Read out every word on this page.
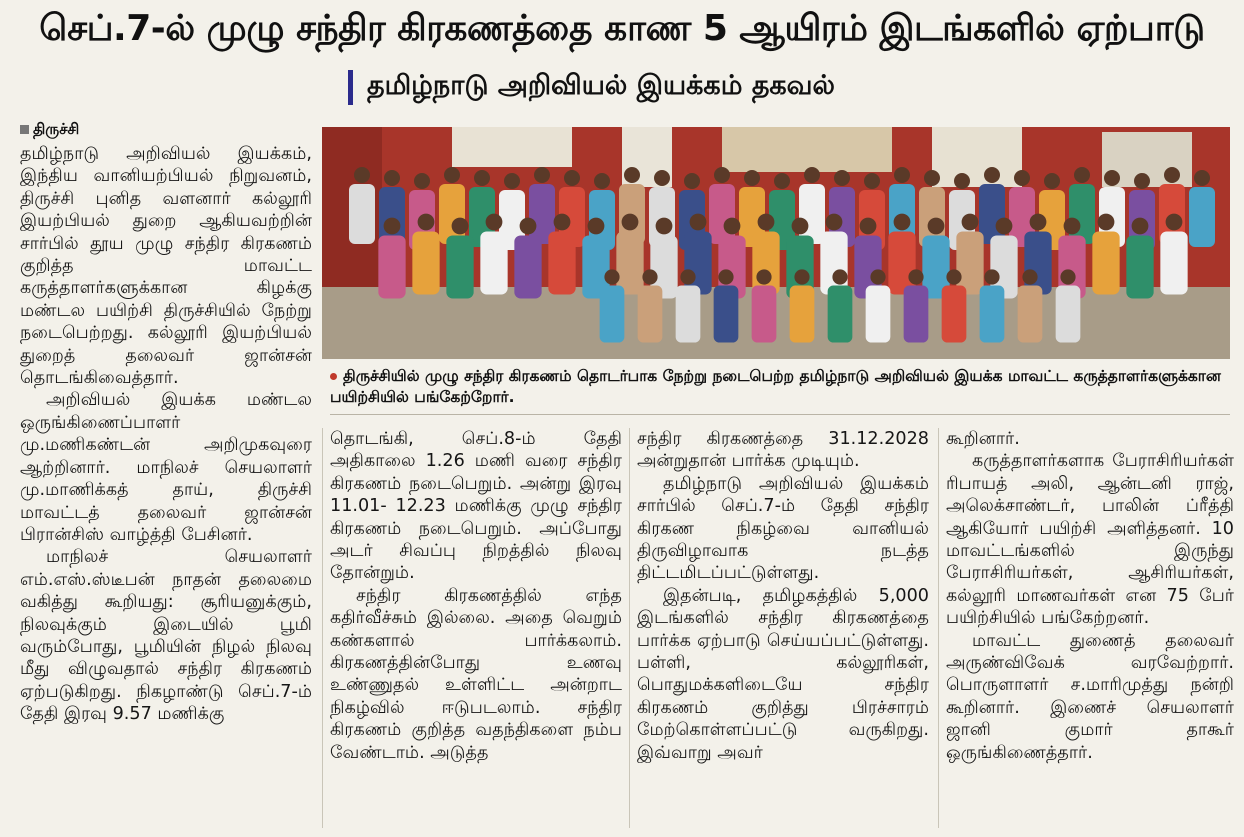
செப்.7-ல் முழு சந்திர கிரகணத்தை காண 5 ஆயிரம் இடங்களில் ஏற்பாடு
தமிழ்நாடு அறிவியல் இயக்கம் தகவல்
திருச்சி

தமிழ்நாடு அறிவியல் இயக்கம், இந்திய வானியற்பியல் நிறுவனம், திருச்சி புனித வளனார் கல்லூரி இயற்பியல் துறை ஆகியவற்றின் சார்பில் தூய முழு சந்திர கிரகணம் குறித்த மாவட்ட கருத்தாளர்களுக்கான கிழக்கு மண்டல பயிற்சி திருச்சியில் நேற்று நடைபெற்றது. கல்லூரி இயற்பியல் துறைத் தலைவர் ஜான்சன் தொடங்கிவைத்தார்.

அறிவியல் இயக்க மண்டல ஒருங்கிணைப்பாளர் மு.மணிகண்டன் அறிமுகவுரை ஆற்றினார். மாநிலச் செயலாளர் மு.மாணிக்கத் தாய், திருச்சி மாவட்டத் தலைவர் ஜான்சன் பிரான்சிஸ் வாழ்த்தி பேசினர்.

மாநிலச் செயலாளர் எம்.எஸ்.ஸ்டீபன் நாதன் தலைமை வகித்து கூறியது: சூரியனுக்கும், நிலவுக்கும் இடையில் பூமி வரும்போது, பூமியின் நிழல் நிலவு மீது விழுவதால் சந்திர கிரகணம் ஏற்படுகிறது. நிகழாண்டு செப்.7-ம் தேதி இரவு 9.57 மணிக்கு

திருச்சியில் முழு சந்திர கிரகணம் தொடர்பாக நேற்று நடைபெற்ற தமிழ்நாடு அறிவியல் இயக்க மாவட்ட கருத்தாளர்களுக்கான பயிற்சியில் பங்கேற்றோர்.

தொடங்கி, செப்.8-ம் தேதி அதிகாலை 1.26 மணி வரை சந்திர கிரகணம் நடைபெறும். அன்று இரவு 11.01- 12.23 மணிக்கு முழு சந்திர கிரகணம் நடைபெறும். அப்போது அடர் சிவப்பு நிறத்தில் நிலவு தோன்றும்.

சந்திர கிரகணத்தில் எந்த கதிர்வீச்சும் இல்லை. அதை வெறும் கண்களால் பார்க்கலாம். கிரகணத்தின்போது உணவு உண்ணுதல் உள்ளிட்ட அன்றாட நிகழ்வில் ஈடுபடலாம். சந்திர கிரகணம் குறித்த வதந்திகளை நம்ப வேண்டாம். அடுத்த

சந்திர கிரகணத்தை 31.12.2028 அன்றுதான் பார்க்க முடியும்.

தமிழ்நாடு அறிவியல் இயக்கம் சார்பில் செப்.7-ம் தேதி சந்திர கிரகண நிகழ்வை வானியல் திருவிழாவாக நடத்த திட்டமிடப்பட்டுள்ளது.

இதன்படி, தமிழகத்தில் 5,000 இடங்களில் சந்திர கிரகணத்தை பார்க்க ஏற்பாடு செய்யப்பட்டுள்ளது. பள்ளி, கல்லூரிகள், பொதுமக்களிடையே சந்திர கிரகணம் குறித்து பிரச்சாரம் மேற்கொள்ளப்பட்டு வருகிறது. இவ்வாறு அவர்

கூறினார்.

கருத்தாளர்களாக பேராசிரியர்கள் ரிபாயத் அலி, ஆன்டனி ராஜ், அலெக்சாண்டர், பாலின் ப்ரீத்தி ஆகியோர் பயிற்சி அளித்தனர். 10 மாவட்டங்களில் இருந்து பேராசிரியர்கள், ஆசிரியர்கள், கல்லூரி மாணவர்கள் என 75 பேர் பயிற்சியில் பங்கேற்றனர்.

மாவட்ட துணைத் தலைவர் அருண்விவேக் வரவேற்றார். பொருளாளர் ச.மாரிமுத்து நன்றி கூறினார். இணைச் செயலாளர் ஜானி குமார் தாகூர் ஒருங்கிணைத்தார்.
